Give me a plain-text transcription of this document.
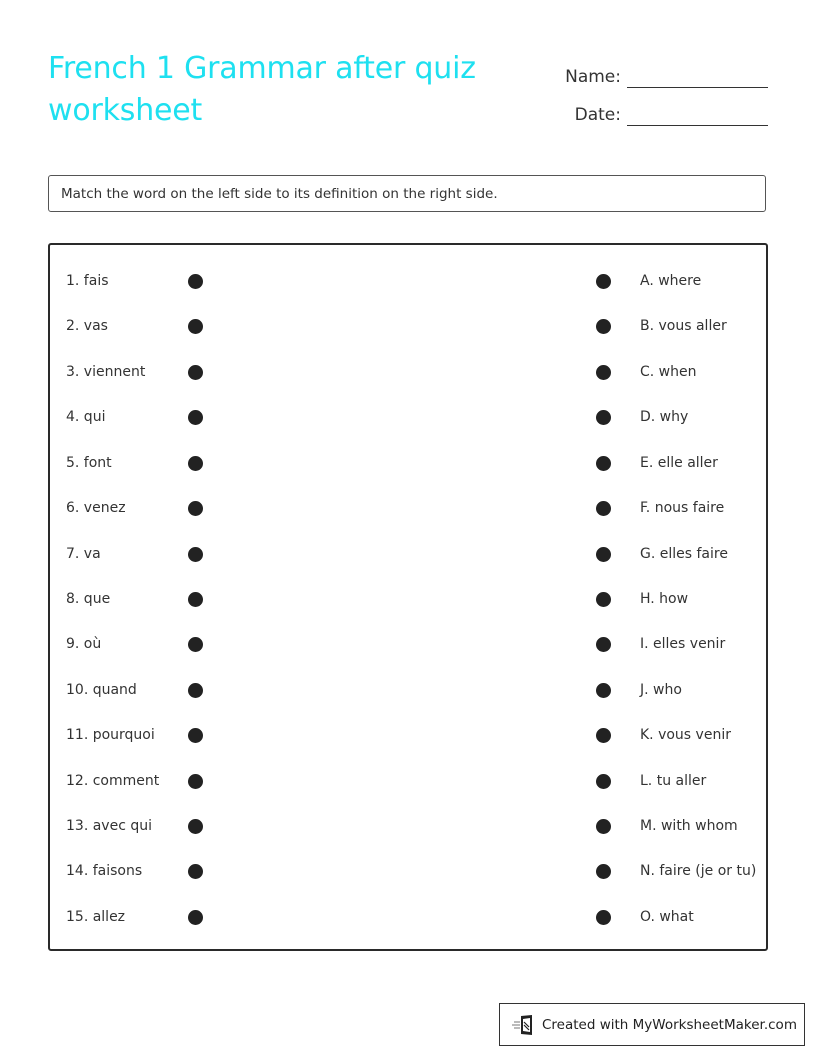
French 1 Grammar after quiz worksheet
Name:
Date:
Match the word on the left side to its definition on the right side.
1. fais	A. where
2. vas	B. vous aller
3. viennent	C. when
4. qui	D. why
5. font	E. elle aller
6. venez	F. nous faire
7. va	G. elles faire
8. que	H. how
9. où	I. elles venir
10. quand	J. who
11. pourquoi	K. vous venir
12. comment	L. tu aller
13. avec qui	M. with whom
14. faisons	N. faire (je or tu)
15. allez	O. what
Created with MyWorksheetMaker.com
